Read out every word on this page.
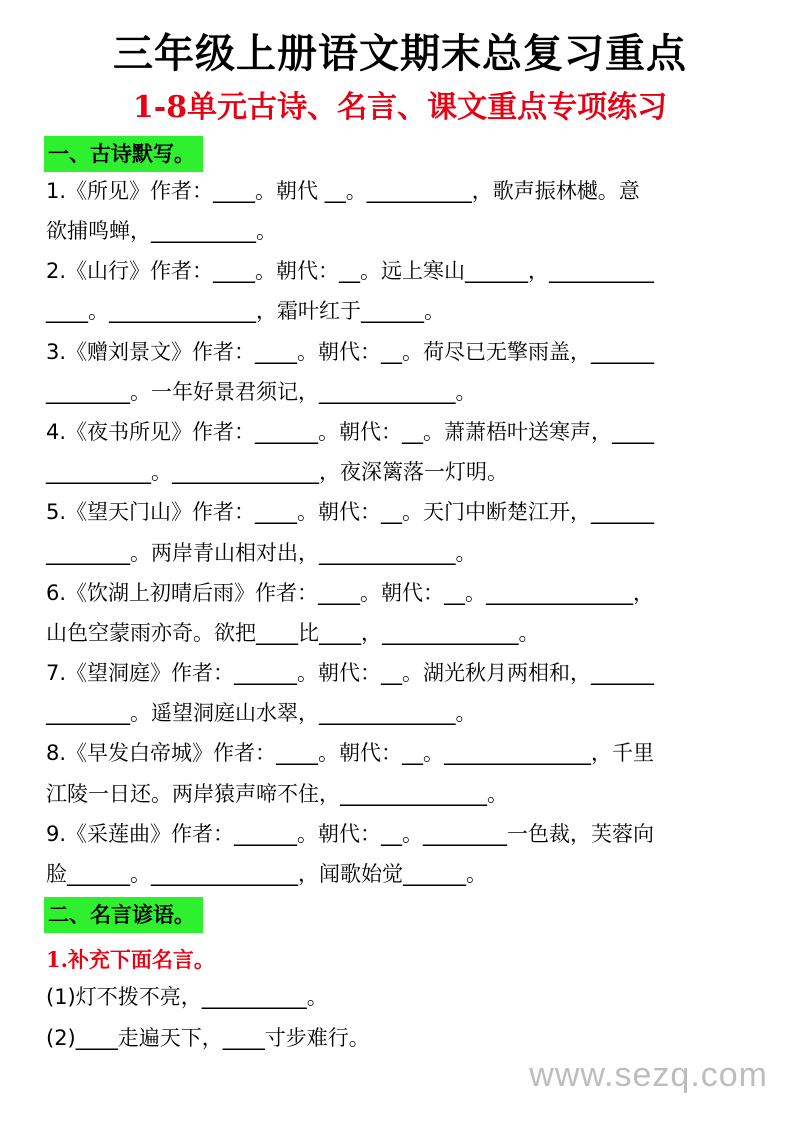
三年级上册语文期末总复习重点
1-8单元古诗、名言、课文重点专项练习
一、古诗默写。
1.《所见》作者：____。朝代 __。__________，歌声振林樾。意
欲捕鸣蝉，__________。
2.《山行》作者：____。朝代：__。远上寒山______，__________
____。______________，霜叶红于______。
3.《赠刘景文》作者：____。朝代：__。荷尽已无擎雨盖，______
________。一年好景君须记，_____________。
4.《夜书所见》作者：______。朝代：__。萧萧梧叶送寒声，____
__________。______________，夜深篱落一灯明。
5.《望天门山》作者：____。朝代：__。天门中断楚江开，______
________。两岸青山相对出，_____________。
6.《饮湖上初晴后雨》作者：____。朝代：__。______________，
山色空蒙雨亦奇。欲把____比____，_____________。
7.《望洞庭》作者：______。朝代：__。湖光秋月两相和，______
________。遥望洞庭山水翠，_____________。
8.《早发白帝城》作者：____。朝代：__。______________，千里
江陵一日还。两岸猿声啼不住，______________。
9.《采莲曲》作者：______。朝代：__。________一色裁，芙蓉向
脸______。______________，闻歌始觉______。
二、名言谚语。
1.补充下面名言。
(1)灯不拨不亮，__________。
(2)____走遍天下，____寸步难行。
www.sezq.com
